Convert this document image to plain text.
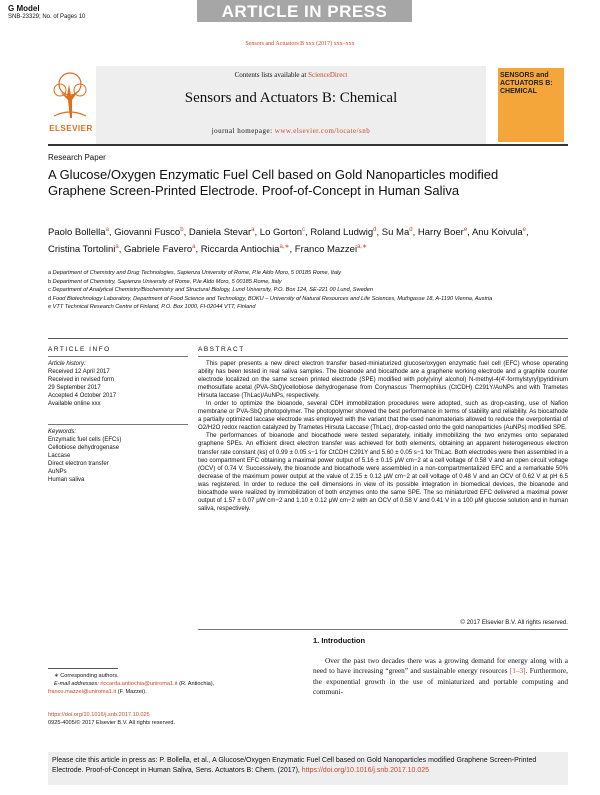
G Model
SNB-23329; No. of Pages 10	ARTICLE IN PRESS
Sensors and Actuators B xxx (2017) xxx–xxx
Contents lists available at ScienceDirect
Sensors and Actuators B: Chemical
journal homepage: www.elsevier.com/locate/snb
ELSEVIER
SENSORS and ACTUATORS B: CHEMICAL
Research Paper
A Glucose/Oxygen Enzymatic Fuel Cell based on Gold Nanoparticles modified Graphene Screen-Printed Electrode. Proof-of-Concept in Human Saliva
Paolo Bollella$^a$, Giovanni Fusco$^b$, Daniela Stevar$^a$, Lo Gorton$^c$, Roland Ludwig$^d$, Su Ma$^d$, Harry Boer$^e$, Anu Koivula$^e$, Cristina Tortolini$^a$, Gabriele Favero$^a$, Riccarda Antiochia$^{a,∗}$, Franco Mazzei$^{a,∗}$
a Department of Chemistry and Drug Technologies, Sapienza University of Rome, P.le Aldo Moro, 5 00185 Rome, Italy
b Department of Chemistry, Sapienza University of Rome, P.le Aldo Moro, 5 00185 Rome, Italy
c Department of Analytical Chemistry/Biochemistry and Structural Biology, Lund University, P.O. Box 124, SE-221 00 Lund, Sweden
d Food Biotechnology Laboratory, Department of Food Science and Technology, BOKU – University of Natural Resources and Life Sciences, Muthgasse 18, A-1190 Vienna, Austria
e VTT Technical Research Centre of Finland, P.O. Box 1000, FI-02044 VTT, Finland
ARTICLE INFO
Article history:
Received 12 April 2017
Received in revised form
29 September 2017
Accepted 4 October 2017
Available online xxx
Keywords:
Enzymatic fuel cells (EFCs)
Cellobiose dehydrogenase
Laccase
Direct electron transfer
AuNPs
Human saliva
ABSTRACT

This paper presents a new direct electron transfer based-miniaturized glucose/oxygen enzymatic fuel cell (EFC) whose operating ability has been tested in real saliva samples. The bioanode and biocathode are a graphene working electrode and a graphite counter electrode localized on the same screen printed electrode (SPE) modified with poly(vinyl alcohol) N-methyl-4(4'-formylstyryl)pyridinium methosulfate acetal (PVA-SbQ)/cellobiose dehydrogenase from Corynascus Thermophilus (CtCDH) C291Y/AuNPs and with Trametes Hirsuta laccase (ThLac)/AuNPs, respectively.

In order to optimize the bioanode, several CDH immobilization procedures were adopted, such as drop-casting, use of Nafion membrane or PVA-SbQ photopolymer. The photopolymer showed the best performance in terms of stability and reliability. As biocathode a partially optimized laccase electrode was employed with the variant that the used nanomaterials allowed to reduce the overpotential of O2/H2O redox reaction catalyzed by Trametes Hirsuta Laccase (ThLac), drop-casted onto the gold nanoparticles (AuNPs) modified SPE.

The performances of bioanode and biocathode were tested separately, initially immobilizing the two enzymes onto separated graphene SPEs. An efficient direct electron transfer was achieved for both elements, obtaining an apparent heterogeneous electron transfer rate constant (ks) of 0.99 ± 0.05 s−1 for CtCDH C291Y and 5.60 ± 0.05 s−1 for ThLac. Both electrodes were then assembled in a two compartment EFC obtaining a maximal power output of 5.16 ± 0.15 μW cm−2 at a cell voltage of 0.58 V and an open circuit voltage (OCV) of 0.74 V. Successively, the bioanode and biocathode were assembled in a non-compartmentalized EFC and a remarkable 50% decrease of the maximum power output at the value of 2.15 ± 0.12 μW cm−2 at cell voltage of 0.48 V and an OCV of 0.62 V at pH 6.5 was registered. In order to reduce the cell dimensions in view of its possible integration in biomedical devices, the bioanode and biocathode were realized by immobilization of both enzymes onto the same SPE. The so miniaturized EFC delivered a maximal power output of 1.57 ± 0.07 μW cm−2 and 1.10 ± 0.12 μW cm−2 with an OCV of 0.58 V and 0.41 V in a 100 μM glucose solution and in human saliva, respectively.

© 2017 Elsevier B.V. All rights reserved.
1. Introduction
Over the past two decades there was a growing demand for energy along with a need to have increasing “green” and sustainable energy resources [1–3]. Furthermore, the exponential growth in the use of miniaturized and portable computing and communi-
∗ Corresponding authors.
E-mail addresses: riccarda.antiochia@uniroma1.it (R. Antiochia),
franco.mazzei@uniroma1.it (F. Mazzei).
https://doi.org/10.1016/j.snb.2017.10.025
0925-4005/© 2017 Elsevier B.V. All rights reserved.
Please cite this article in press as: P. Bollella, et al., A Glucose/Oxygen Enzymatic Fuel Cell based on Gold Nanoparticles modified Graphene Screen-Printed Electrode. Proof-of-Concept in Human Saliva, Sens. Actuators B: Chem. (2017), https://doi.org/10.1016/j.snb.2017.10.025
